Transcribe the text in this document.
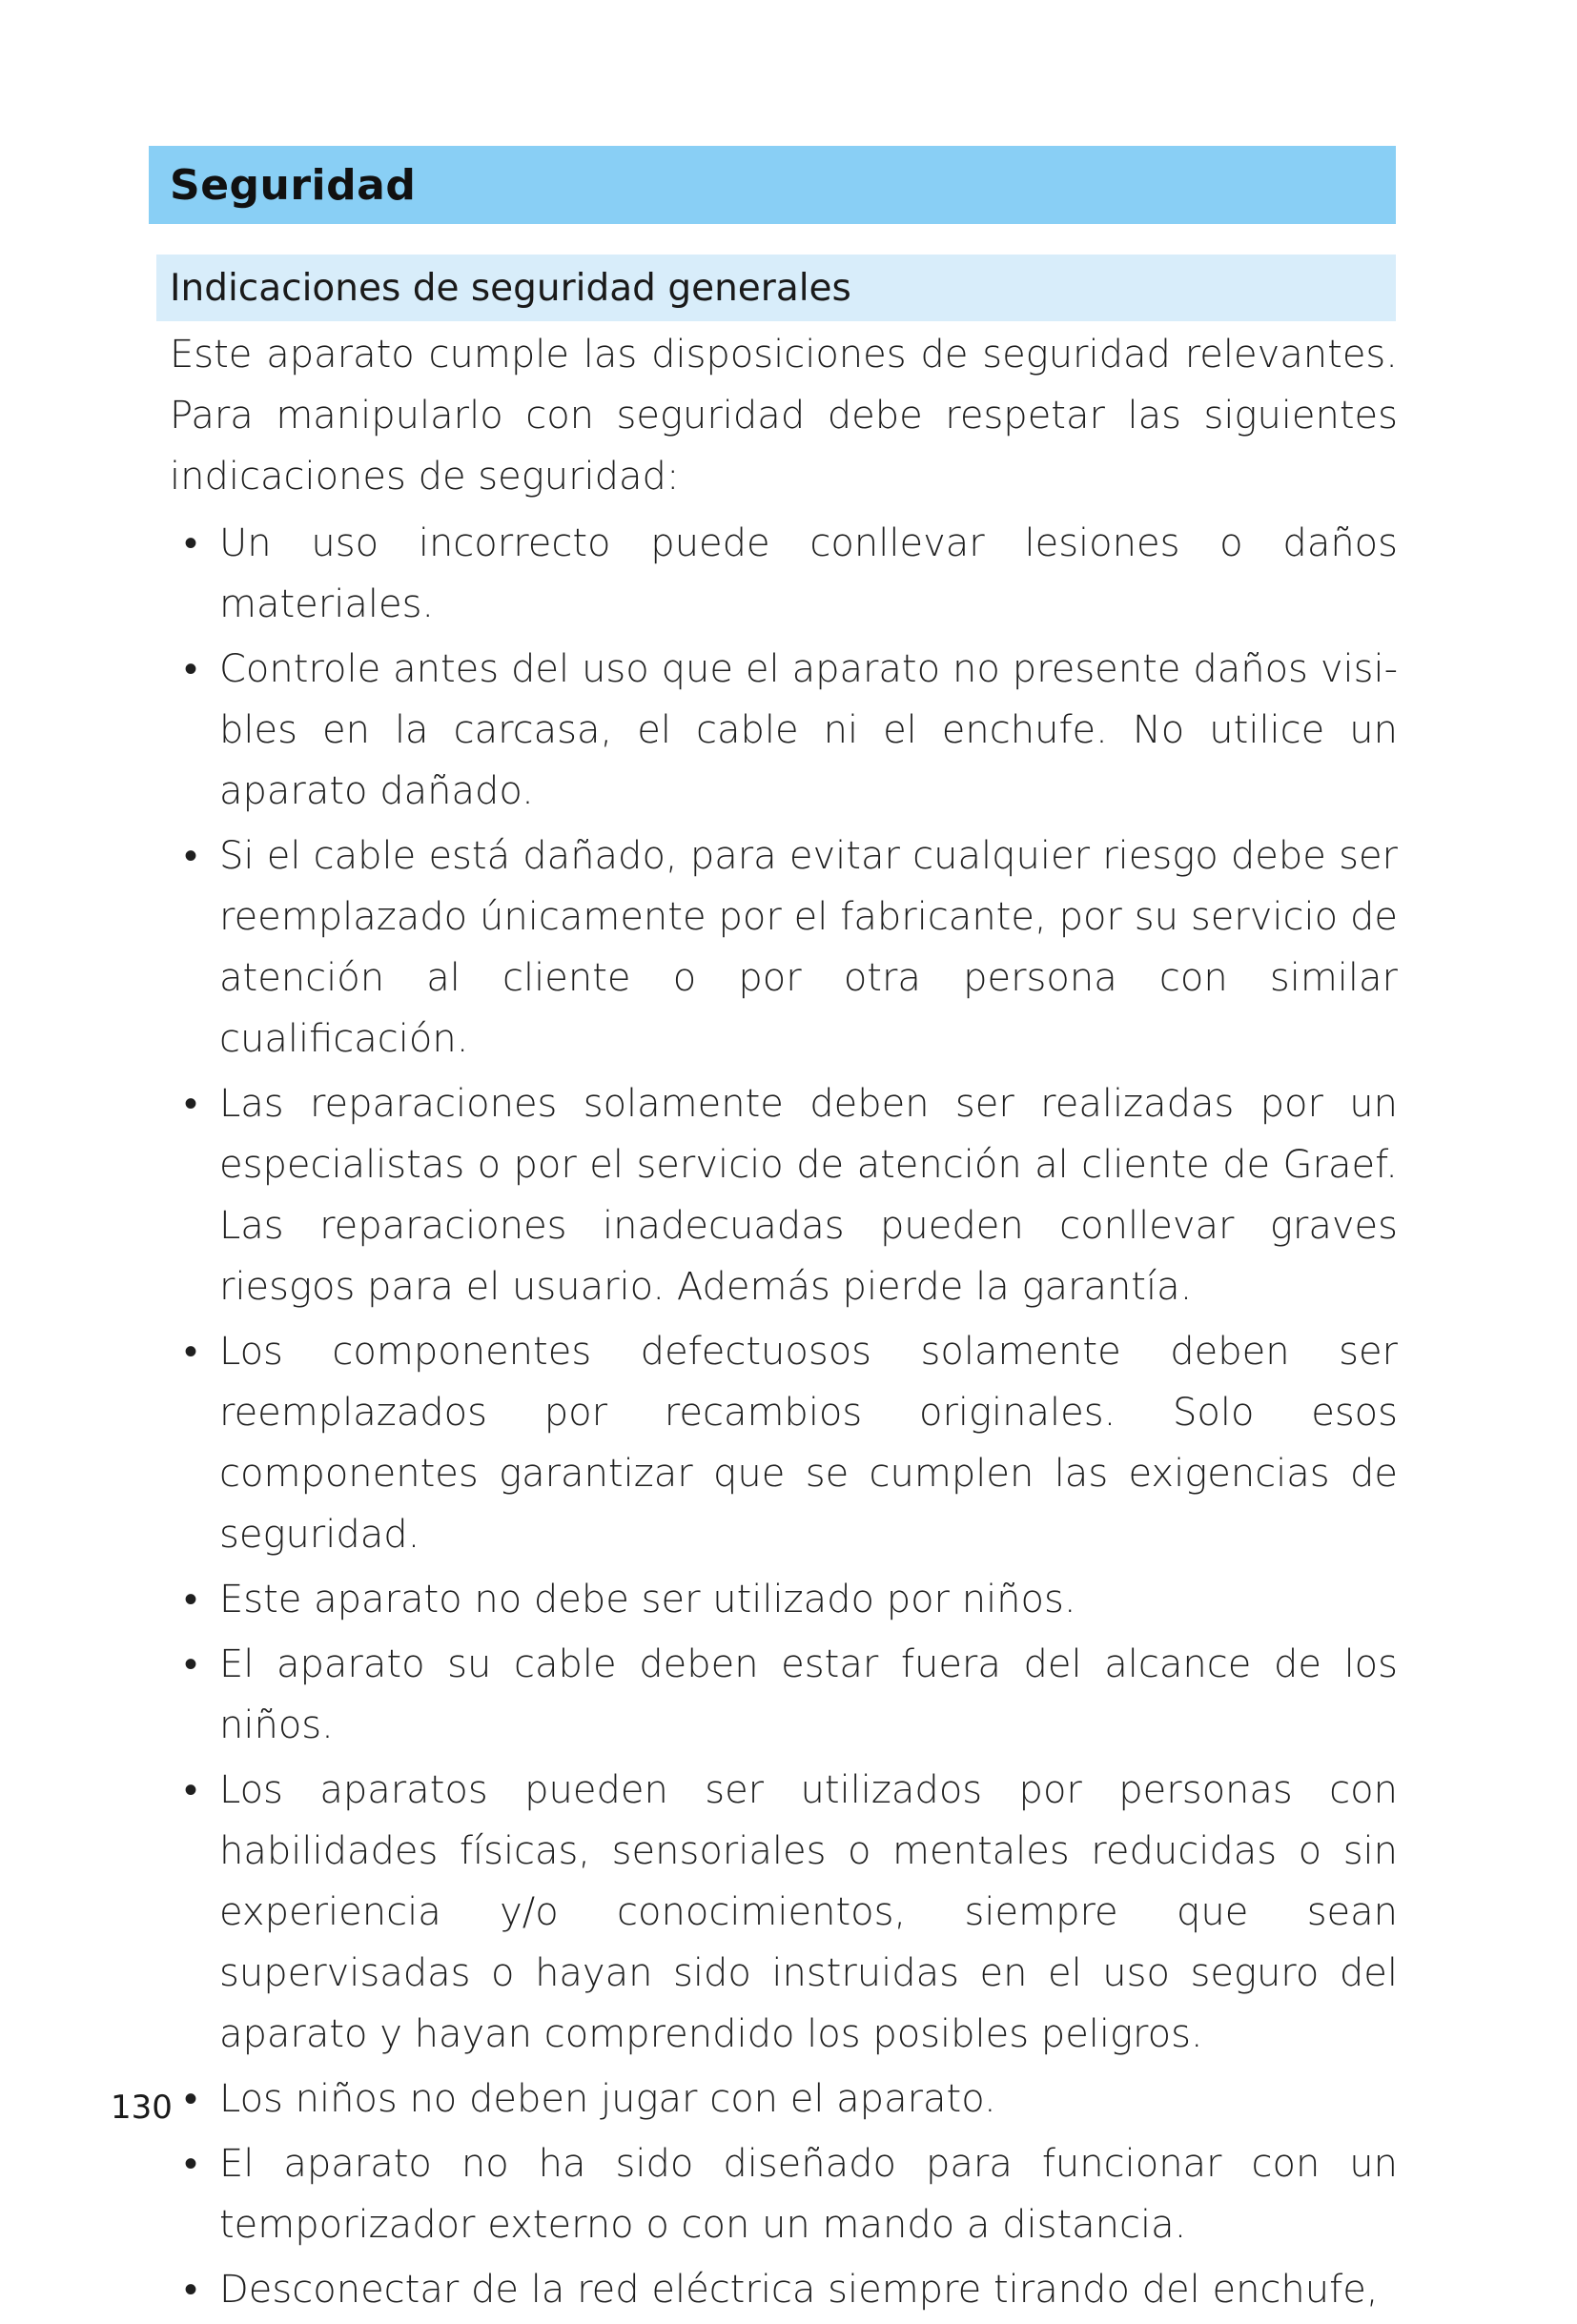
Seguridad
Indicaciones de seguridad generales

Este aparato cumple las disposiciones de seguridad relevantes. Para manipularlo con seguridad debe respetar las siguientes indicaciones de seguridad:

• Un uso incorrecto puede conllevar lesiones o daños materiales.
• Controle antes del uso que el aparato no presente daños visibles en la carcasa, el cable ni el enchufe. No utilice un aparato dañado.
• Si el cable está dañado, para evitar cualquier riesgo debe ser reemplazado únicamente por el fabricante, por su servicio de atención al cliente o por otra persona con similar cualificación.
• Las reparaciones solamente deben ser realizadas por un especialistas o por el servicio de atención al cliente de Graef. Las reparaciones inadecuadas pueden conllevar graves riesgos para el usuario. Además pierde la garantía.
• Los componentes defectuosos solamente deben ser reemplazados por recambios originales. Solo esos componentes garantizar que se cumplen las exigencias de seguridad.
• Este aparato no debe ser utilizado por niños.
• El aparato su cable deben estar fuera del alcance de los niños.
• Los aparatos pueden ser utilizados por personas con habilidades físicas, sensoriales o mentales reducidas o sin experiencia y/o conocimientos, siempre que sean supervisadas o hayan sido instruidas en el uso seguro del aparato y hayan comprendido los posibles peligros.
• Los niños no deben jugar con el aparato.
• El aparato no ha sido diseñado para funcionar con un temporizador externo o con un mando a distancia.
• Desconectar de la red eléctrica siempre tirando del enchufe,
130
